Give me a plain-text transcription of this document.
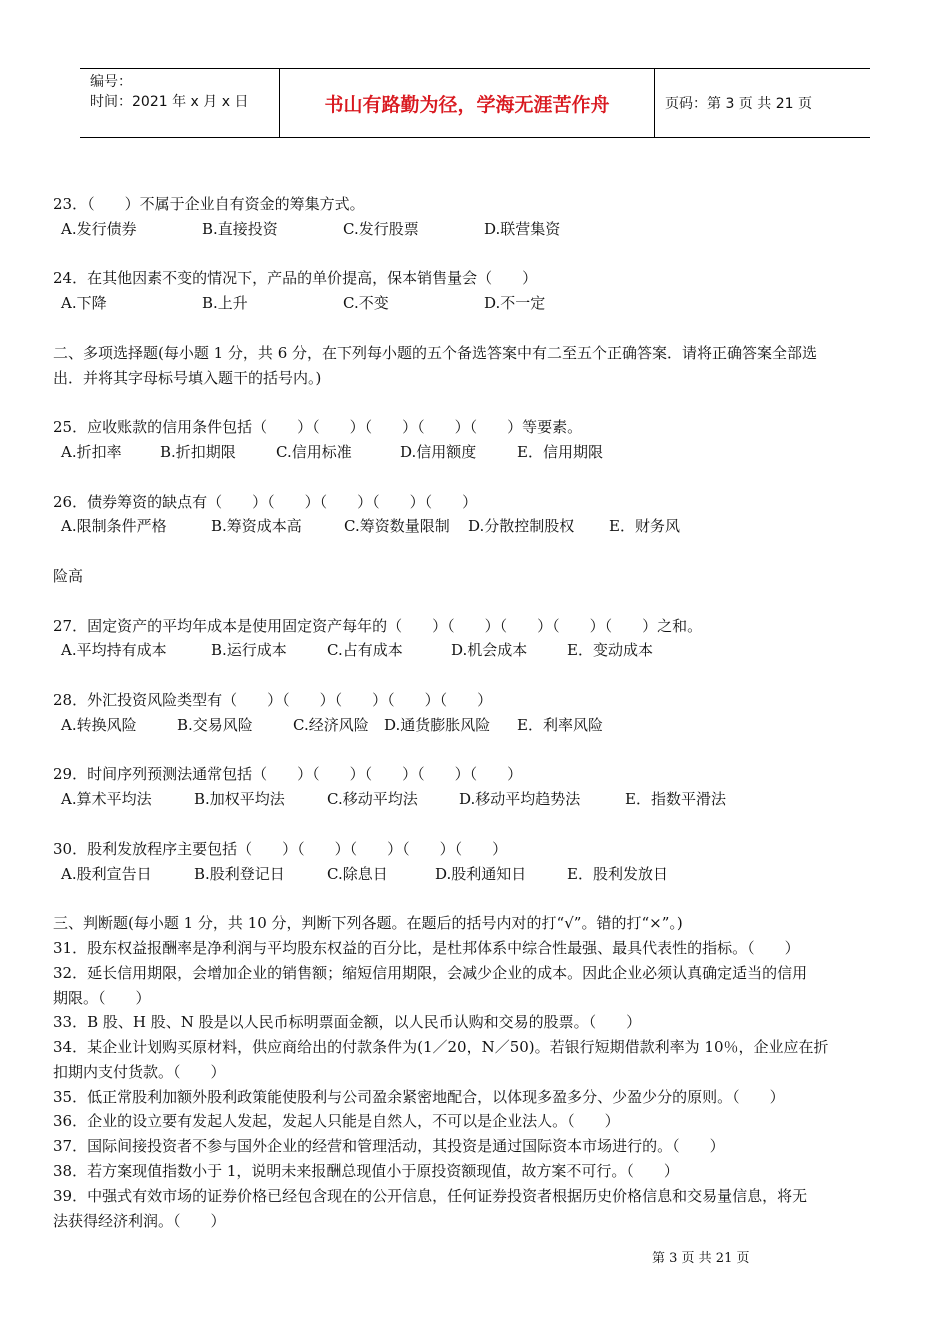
编号：
时间：2021 年 x 月 x 日	书山有路勤为径，学海无涯苦作舟	页码：第 3 页 共 21 页
23．（　　）不属于企业自有资金的筹集方式。
A.发行债券	B.直接投资	C.发行股票	D.联营集资
24．在其他因素不变的情况下，产品的单价提高，保本销售量会（　　）
A.下降	B.上升	C.不变	D.不一定
二、多项选择题(每小题 1 分，共 6 分，在下列每小题的五个备选答案中有二至五个正确答案．请将正确答案全部选
出．并将其字母标号填入题干的括号内。)
25．应收账款的信用条件包括（　　）（　　）（　　）（　　）（　　）等要素。
A.折扣率	B.折扣期限	C.信用标准	D.信用额度	E．信用期限
26．债券筹资的缺点有（　　）（　　）（　　）（　　）（　　）
A.限制条件严格	B.筹资成本高	C.筹资数量限制 D.分散控制股权 E．财务风
险高
27．固定资产的平均年成本是使用固定资产每年的（　　）（　　）（　　）（　　）（　　）之和。
A.平均持有成本	B.运行成本	C.占有成本	D.机会成本	E．变动成本
28．外汇投资风险类型有（　　）（　　）（　　）（　　）（　　）
A.转换风险	B.交易风险	C.经济风险 D.通货膨胀风险 E．利率风险
29．时间序列预测法通常包括（　　）（　　）（　　）（　　）（　　）
A.算术平均法	B.加权平均法	C.移动平均法	D.移动平均趋势法	E．指数平滑法
30．股利发放程序主要包括（　　）（　　）（　　）（　　）（　　）
A.股利宣告日	B.股利登记日	C.除息日	D.股利通知日	E．股利发放日
三、判断题(每小题 1 分，共 10 分，判断下列各题。在题后的括号内对的打“√”。错的打“×”。)
31．股东权益报酬率是净利润与平均股东权益的百分比，是杜邦体系中综合性最强、最具代表性的指标。（　　）
32．延长信用期限，会增加企业的销售额；缩短信用期限，会减少企业的成本。因此企业必须认真确定适当的信用
期限。（　　）
33．B 股、H 股、N 股是以人民币标明票面金额，以人民币认购和交易的股票。（　　）
34．某企业计划购买原材料，供应商给出的付款条件为(1／20，N／50)。若银行短期借款利率为 10％，企业应在折
扣期内支付货款。（　　）
35．低正常股利加额外股利政策能使股利与公司盈余紧密地配合，以体现多盈多分、少盈少分的原则。（　　）
36．企业的设立要有发起人发起，发起人只能是自然人，不可以是企业法人。（　　）
37．国际间接投资者不参与国外企业的经营和管理活动，其投资是通过国际资本市场进行的。（　　）
38．若方案现值指数小于 1，说明未来报酬总现值小于原投资额现值，故方案不可行。（　　）
39．中强式有效市场的证券价格已经包含现在的公开信息，任何证券投资者根据历史价格信息和交易量信息，将无
法获得经济利润。（　　）
第 3 页 共 21 页
